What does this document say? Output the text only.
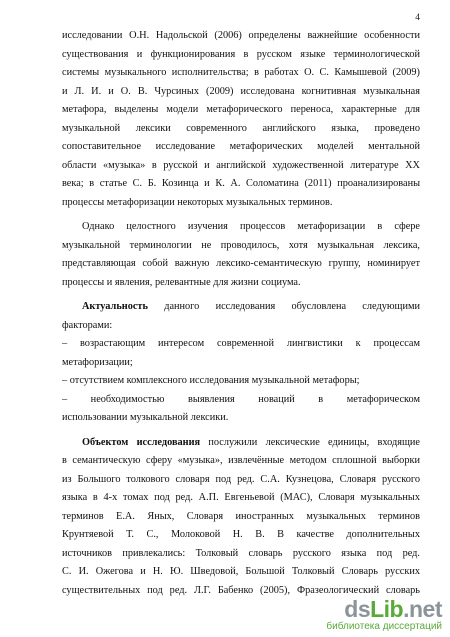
4
исследовании О.Н. Надольской (2006) определены важнейшие особенности
существования и функционирования в русском языке терминологической
системы музыкального исполнительства; в работах О. С. Камышевой (2009)
и Л. И. и О. В. Чурсиных (2009) исследована когнитивная музыкальная
метафора, выделены модели метафорического переноса, характерные для
музыкальной лексики современного английского языка, проведено
сопоставительное исследование метафорических моделей ментальной
области «музыка» в русской и английской художественной литературе XX
века; в статье С. Б. Козинца и К. А. Соломатина (2011) проанализированы
процессы метафоризации некоторых музыкальных терминов.
Однако целостного изучения процессов метафоризации в сфере
музыкальной терминологии не проводилось, хотя музыкальная лексика,
представляющая собой важную лексико-семантическую группу, номинирует
процессы и явления, релевантные для жизни социума.
Актуальность данного исследования обусловлена следующими
факторами:
– возрастающим интересом современной лингвистики к процессам
метафоризации;
– отсутствием комплексного исследования музыкальной метафоры;
– необходимостью выявления новаций в метафорическом
использовании музыкальной лексики.
Объектом исследования послужили лексические единицы, входящие
в семантическую сферу «музыка», извлечённые методом сплошной выборки
из Большого толкового словаря под ред. С.А. Кузнецова, Словаря русского
языка в 4-х томах под ред. А.П. Евгеньевой (МАС), Словаря музыкальных
терминов Е.А. Яных, Словаря иностранных музыкальных терминов
Крунтяевой Т. С., Молоковой Н. В. В качестве дополнительных
источников привлекались: Толковый словарь русского языка под ред.
С. И. Ожегова и Н. Ю. Шведовой, Большой Толковый Словарь русских
существительных под ред. Л.Г. Бабенко (2005), Фразеологический словарь
dsLib.net
библиотека диссертаций
